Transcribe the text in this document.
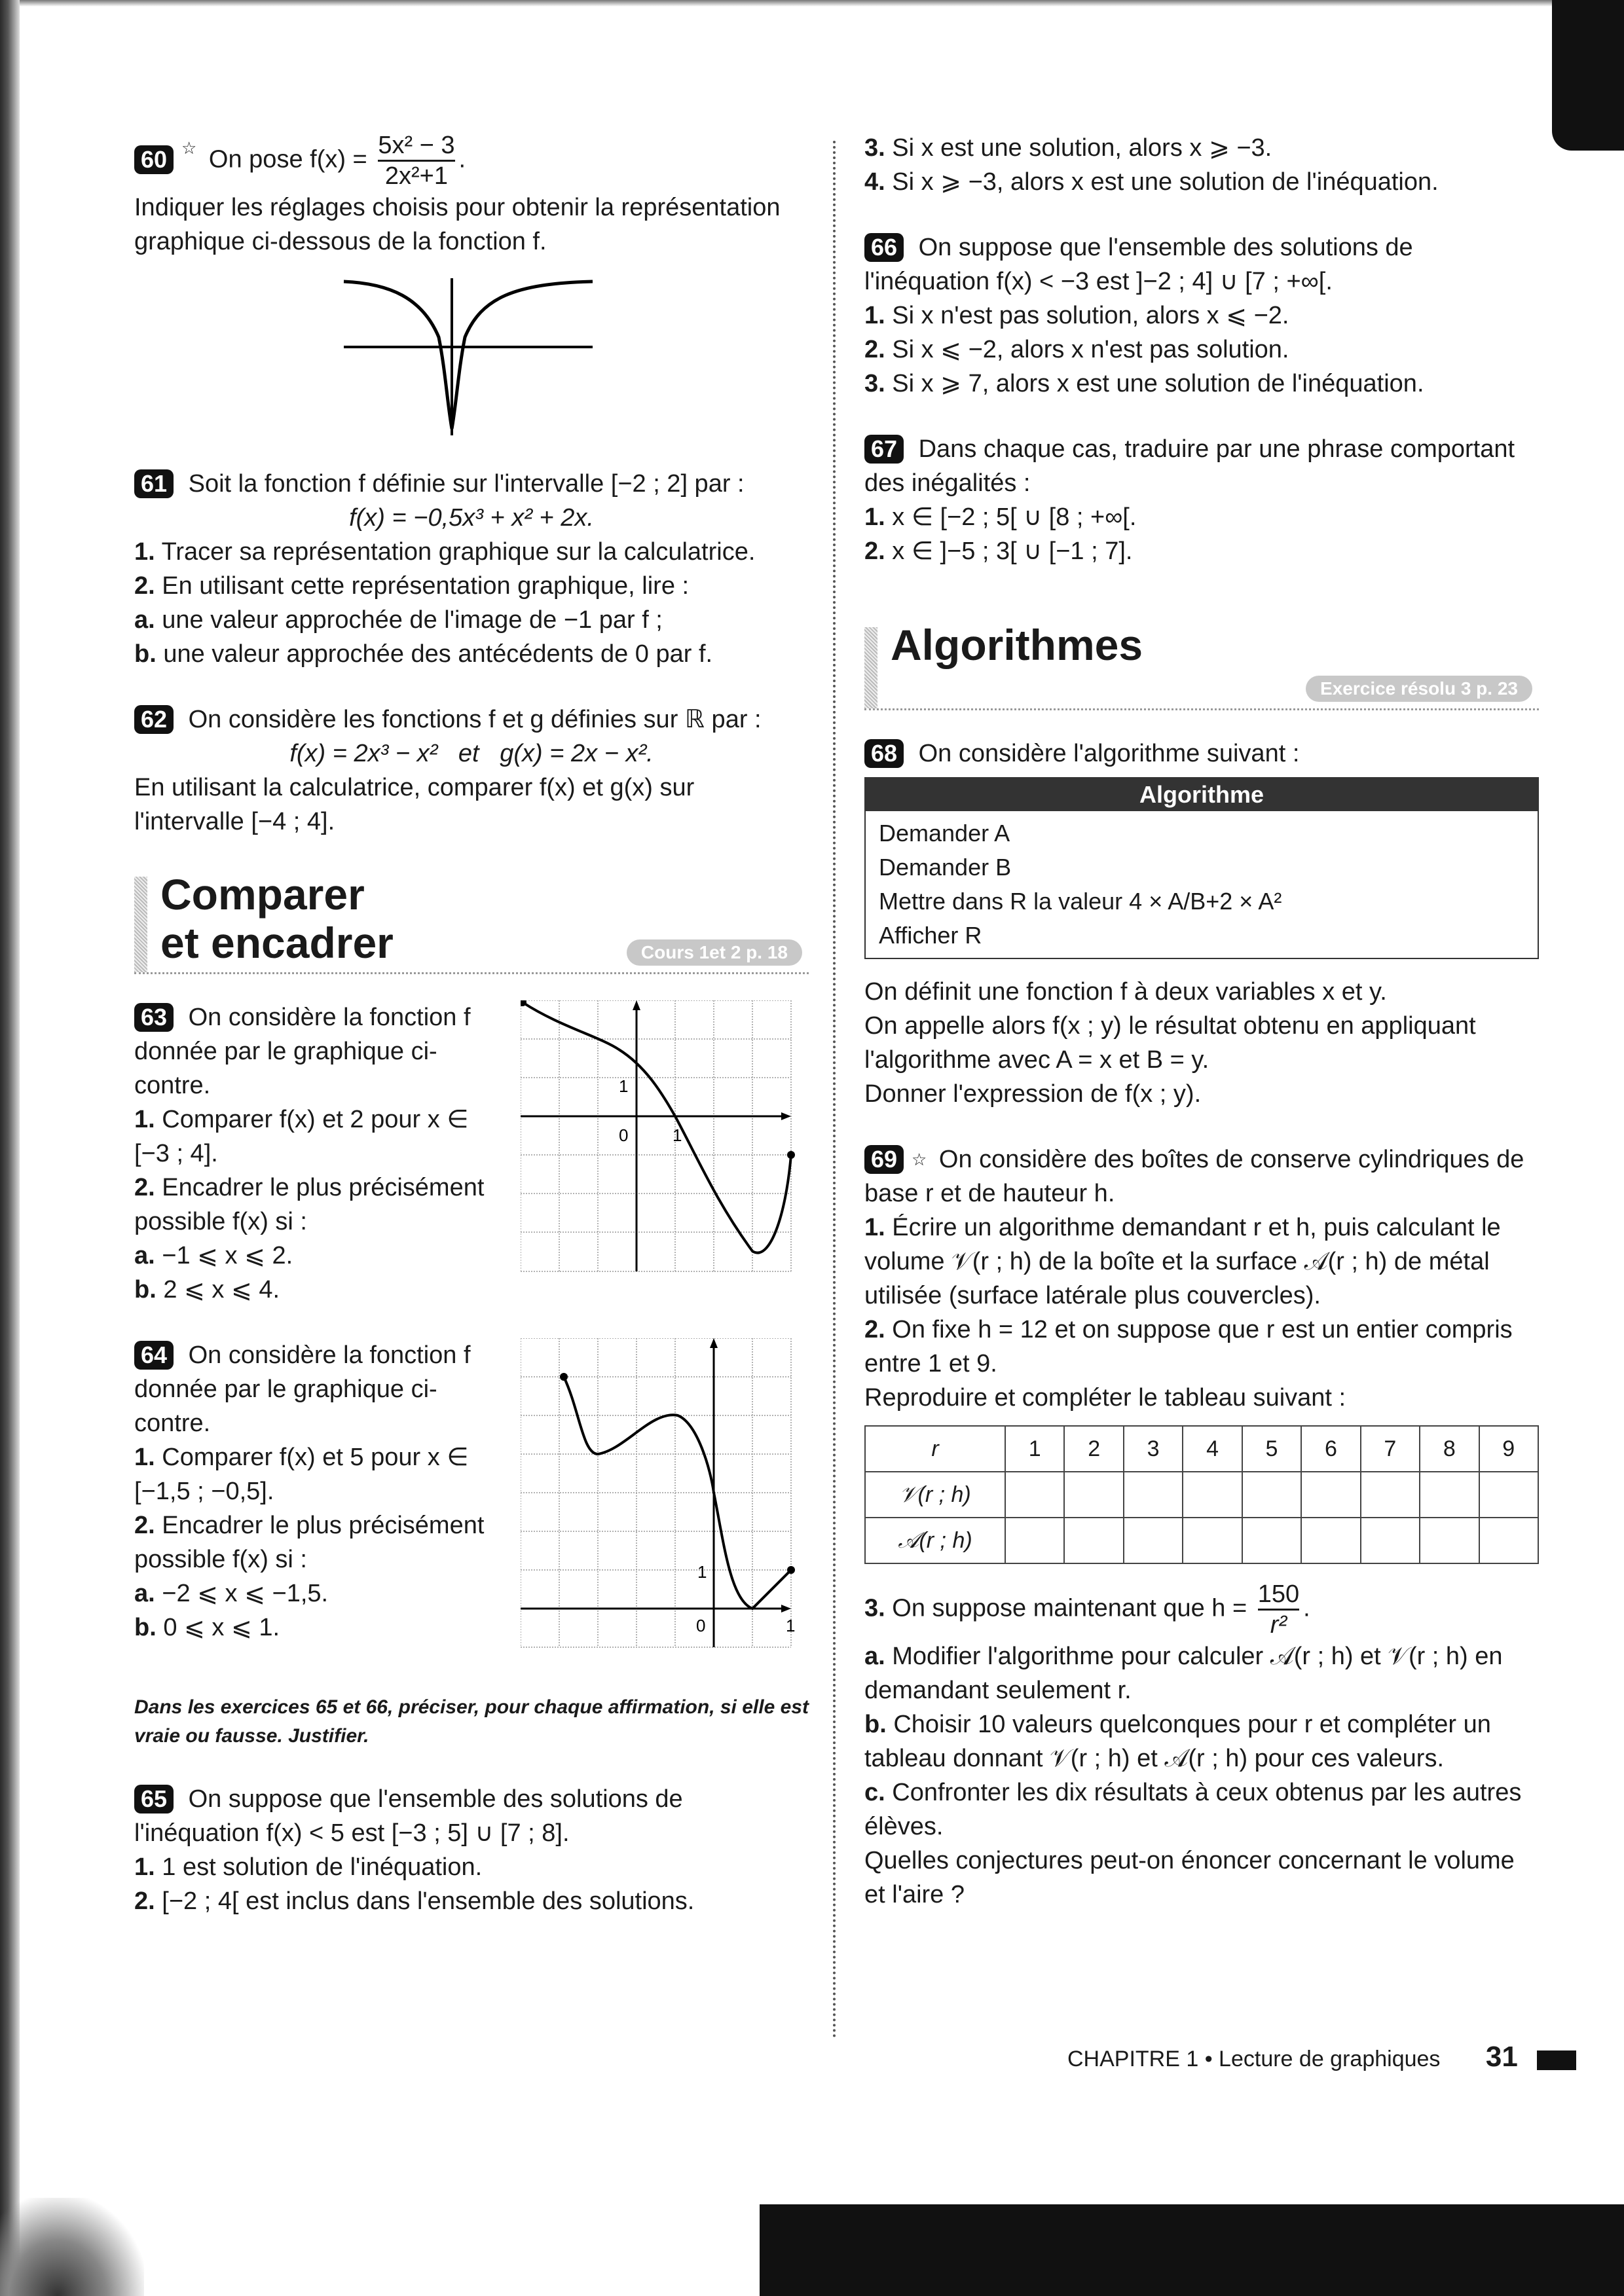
60 ☆ On pose $f(x) = \frac{\text{5x² − 3}}{\text{2x²+1}}$ .
Indiquer les réglages choisis pour obtenir la représentation graphique ci-dessous de la fonction f.
61 Soit la fonction f définie sur l'intervalle [−2 ; 2] par :
f(x) = −0,5x³ + x² + 2x.
1. Tracer sa représentation graphique sur la calculatrice.
2. En utilisant cette représentation graphique, lire :
a. une valeur approchée de l'image de −1 par f ;
b. une valeur approchée des antécédents de 0 par f.
62 On considère les fonctions f et g définies sur ℝ par :
f(x) = 2x³ − x²   et   g(x) = 2x − x².
En utilisant la calculatrice, comparer f(x) et g(x) sur l'intervalle [−4 ; 4].
Comparer
et encadrer	Cours 1et 2 p. 18
63 On considère la fonction f donnée par le graphique ci-contre.
1. Comparer f(x) et 2 pour x ∈ [−3 ; 4].
2. Encadrer le plus précisément possible f(x) si :
a. −1 ⩽ x ⩽ 2.
b. 2 ⩽ x ⩽ 4.
1
0	1
64 On considère la fonction f donnée par le graphique ci-contre.
1. Comparer f(x) et 5 pour x ∈ [−1,5 ; −0,5].
2. Encadrer le plus précisément possible f(x) si :
a. −2 ⩽ x ⩽ −1,5.
b. 0 ⩽ x ⩽ 1.
1
0	1
Dans les exercices 65 et 66, préciser, pour chaque affirmation, si elle est vraie ou fausse. Justifier.
65 On suppose que l'ensemble des solutions de l'inéquation f(x) < 5 est [−3 ; 5] ∪ [7 ; 8].
1. 1 est solution de l'inéquation.
2. [−2 ; 4[ est inclus dans l'ensemble des solutions.
3. Si x est une solution, alors x ⩾ −3.
4. Si x ⩾ −3, alors x est une solution de l'inéquation.
66 On suppose que l'ensemble des solutions de l'inéquation f(x) < −3 est ]−2 ; 4] ∪ [7 ; +∞[.
1. Si x n'est pas solution, alors x ⩽ −2.
2. Si x ⩽ −2, alors x n'est pas solution.
3. Si x ⩾ 7, alors x est une solution de l'inéquation.
67 Dans chaque cas, traduire par une phrase comportant des inégalités :
1. x ∈ [−2 ; 5[ ∪ [8 ; +∞[.
2. x ∈ ]−5 ; 3[ ∪ [−1 ; 7].
Algorithmes
Exercice résolu 3 p. 23
68 On considère l'algorithme suivant :
Algorithme
Demander A
Demander B
Mettre dans R la valeur 4 × A/B+2 × A²
Afficher R
On définit une fonction f à deux variables x et y.
On appelle alors f(x ; y) le résultat obtenu en appliquant l'algorithme avec A = x et B = y.
Donner l'expression de f(x ; y).
69 ☆ On considère des boîtes de conserve cylindriques de base r et de hauteur h.
1. Écrire un algorithme demandant r et h, puis calculant le volume 𝒱(r ; h) de la boîte et la surface 𝒜(r ; h) de métal utilisée (surface latérale plus couvercles).
2. On fixe h = 12 et on suppose que r est un entier compris entre 1 et 9.
Reproduire et compléter le tableau suivant :
r	1	2	3	4	5	6	7	8	9
𝒱(r ; h)									
𝒜(r ; h)									
3. On suppose maintenant que $h = \frac{150}{\text{r²}}$ .
a. Modifier l'algorithme pour calculer 𝒜(r ; h) et 𝒱(r ; h) en demandant seulement r.
b. Choisir 10 valeurs quelconques pour r et compléter un tableau donnant 𝒱(r ; h) et 𝒜(r ; h) pour ces valeurs.
c. Confronter les dix résultats à ceux obtenus par les autres élèves.
Quelles conjectures peut-on énoncer concernant le volume et l'aire ?
CHAPITRE 1 • Lecture de graphiques 31
